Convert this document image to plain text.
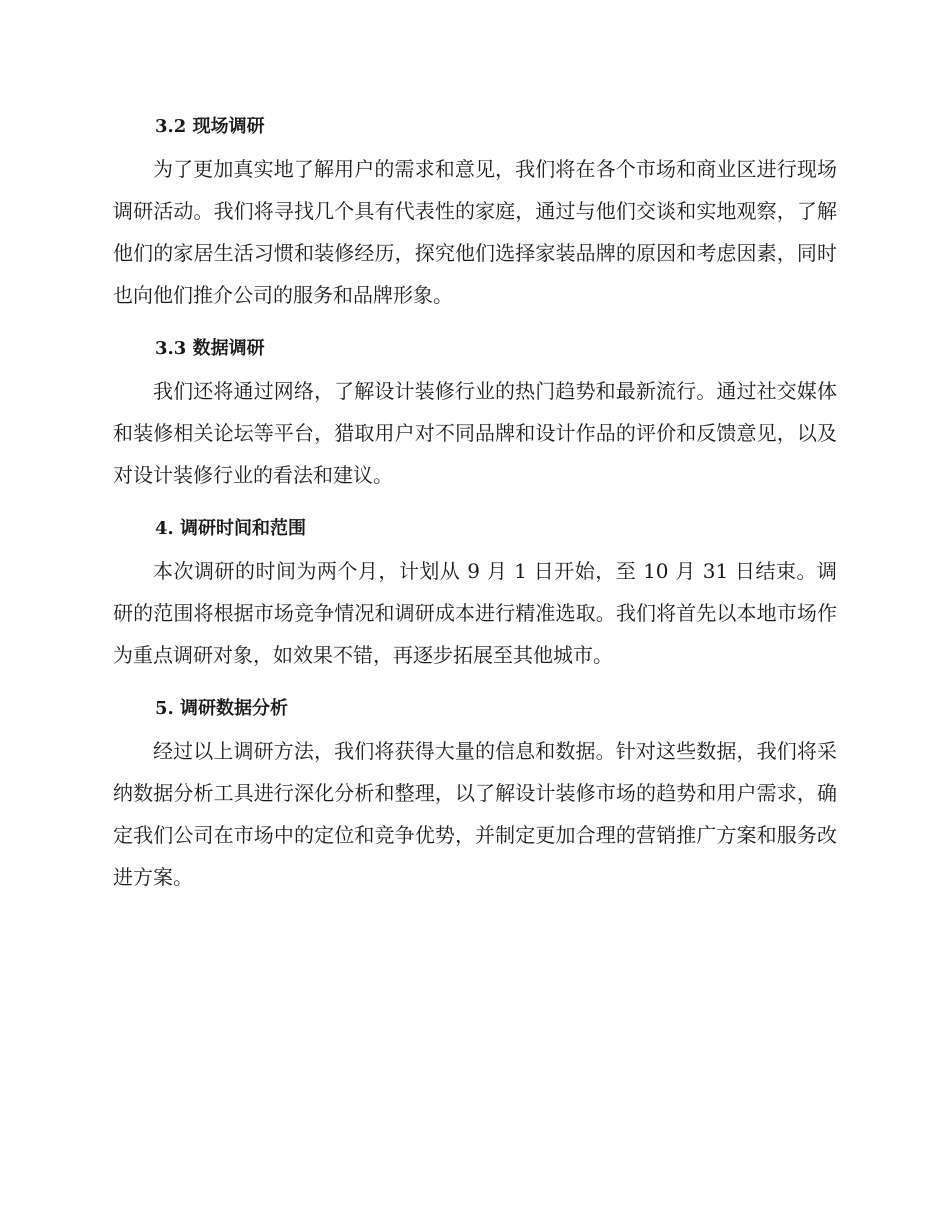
3.2 现场调研

为了更加真实地了解用户的需求和意见，我们将在各个市场和商业区进行现场调研活动。我们将寻找几个具有代表性的家庭，通过与他们交谈和实地观察，了解他们的家居生活习惯和装修经历，探究他们选择家装品牌的原因和考虑因素，同时也向他们推介公司的服务和品牌形象。

3.3 数据调研

我们还将通过网络，了解设计装修行业的热门趋势和最新流行。通过社交媒体和装修相关论坛等平台，猎取用户对不同品牌和设计作品的评价和反馈意见，以及对设计装修行业的看法和建议。

4. 调研时间和范围

本次调研的时间为两个月，计划从 9 月 1 日开始，至 10 月 31 日结束。调研的范围将根据市场竞争情况和调研成本进行精准选取。我们将首先以本地市场作为重点调研对象，如效果不错，再逐步拓展至其他城市。

5. 调研数据分析

经过以上调研方法，我们将获得大量的信息和数据。针对这些数据，我们将采纳数据分析工具进行深化分析和整理，以了解设计装修市场的趋势和用户需求，确定我们公司在市场中的定位和竞争优势，并制定更加合理的营销推广方案和服务改进方案。
